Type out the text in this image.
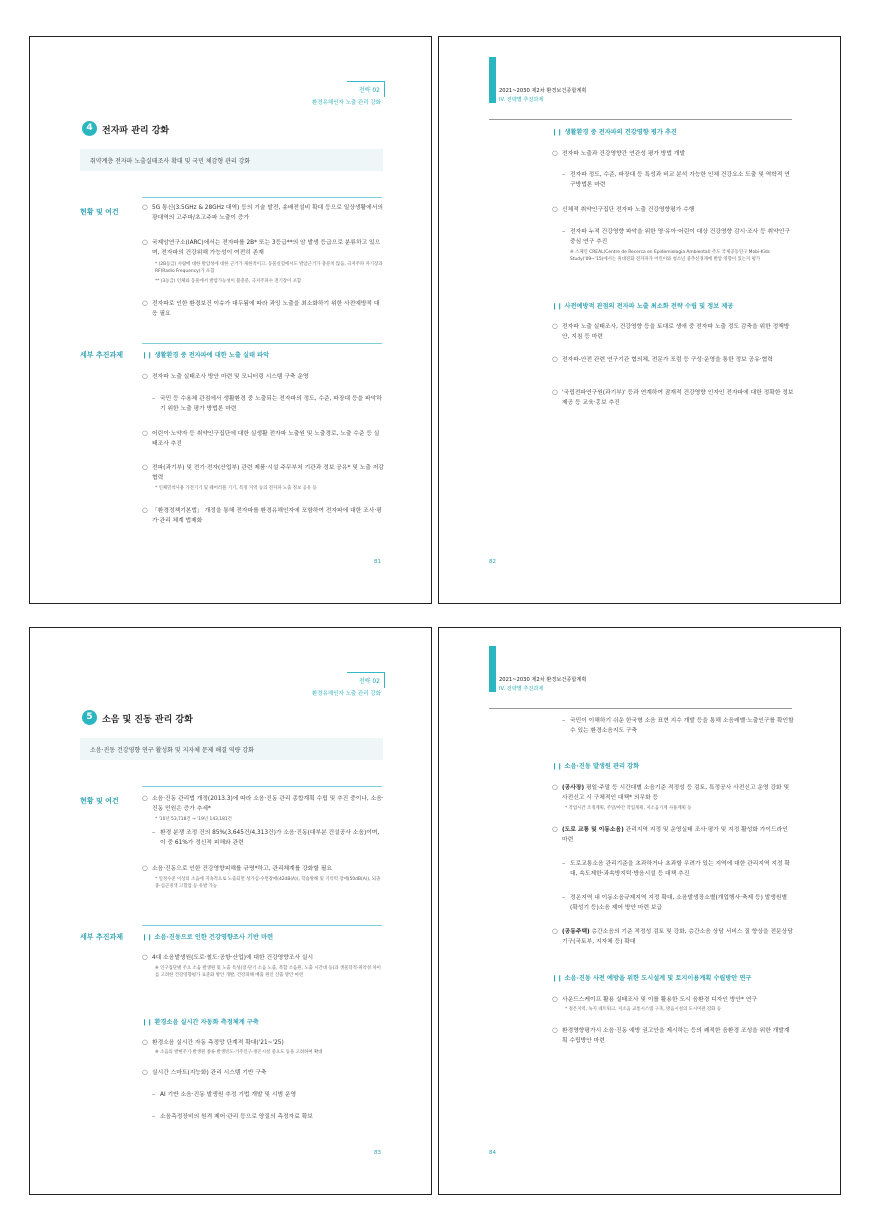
전략 02
환경유해인자 노출 관리 강화
4	전자파 관리 강화
취약계층 전자파 노출실태조사 확대 및 국민 체감형 관리 강화
현황 및 여건
○ 5G 통신(3.5GHz & 28GHz 대역) 등의 기술 발전, 송배전설비 확대 등으로 일상생활에서의 광대역의 고주파/초고주파 노출이 증가
○ 국제암연구소(IARC)에서는 전자파를 2B* 또는 3등급**의 암 발생 등급으로 분류하고 있으며, 전자파의 건강위해 가능성이 여전히 존재
* (2B등급) 사람에 대한 발암성에 대한 근거가 제한적이고, 동물실험에서도 발암근거가 충분치 않음, 극저주파 자기장과 RF(Radio Frequency)가 포함
** (3등급) 인체와 동물에서 발암가능성이 불충분, 극저주파수 전기장이 포함
○ 전자파로 인한 환경보건 이슈가 대두됨에 따라 과잉 노출을 최소화하기 위한 사전예방적 대응 필요
세부 추진과제	❙❙ 생활환경 중 전자파에 대한 노출 실태 파악
○ 전자파 노출 실태조사 방안 마련 및 모니터링 시스템 구축 운영
– 국민 등 수용체 관점에서 생활환경 중 노출되는 전자파의 정도, 수준, 파장대 등을 파악하기 위한 노출 평가 방법론 마련
○ 어린이·노약자 등 취약인구집단에 대한 실생활 전자파 노출원 및 노출경로, 노출 수준 등 실태조사 추진
○ 전파(과기부) 및 전기·전자(산업부) 관련 제품·시설 주무부처 기관과 정보 공유* 및 노출 저감 협력
* 인체밀착사용 가전기기 및 웨어러블 기기, 특정 지역 등의 전자파 노출 정보 공유 등
○ 「환경정책기본법」 개정을 통해 전자파를 환경유해인자에 포함하여 전자파에 대한 조사·평가·관리 체계 법제화
81
2021~2030 제2차 환경보건종합계획
IV. 전략별 추진과제
❙❙ 생활환경 중 전자파의 건강영향 평가 추진
○ 전자파 노출과 건강영향간 연관성 평가 방법 개발
– 전자파 정도, 수준, 파장대 등 특성과 비교 분석 가능한 인체 건강요소 도출 및 역학적 연구방법론 마련
○ 신체적 취약인구집단 전자파 노출 건강영향평가 수행
– 전자파 누적 건강영향 파악을 위한 영·유아·어린이 대상 건강영향 감시·조사 등 취약인구 중심 연구 추진
※ 스페인 CREAL(Centre de Recerca en Epidemiologia Ambiental) 주도 국제공동연구 Mobi-Kids Study('09~'15)에서는 휴대전화 전자파가 어린이와 청소년 중추신경계에 발암 영향이 있는지 평가
❙❙ 사전예방적 관점의 전자파 노출 최소화 전략 수립 및 정보 제공
○ 전자파 노출 실태조사, 건강영향 등을 토대로 생애 중 전자파 노출 정도 감축을 위한 정책방안, 지침 등 마련
○ 전자파-안전 관련 연구기관 협의체, 전문가 포럼 등 구성·운영을 통한 정보 공유·협력
○ '국립전파연구원(과기부)' 등과 연계하여 잠재적 건강영향 인자인 전자파에 대한 정확한 정보 제공 등 교육·홍보 추진
82
전략 02
환경유해인자 노출 관리 강화
5	소음 및 진동 관리 강화
소음·진동 건강영향 연구 활성화 및 지자체 문제 해결 역량 강화
현황 및 여건	○ 소음·진동 관리법 개정(2013.3)에 따라 소음·진동 관리 종합계획 수립 및 추진 중이나, 소음·진동 민원은 증가 추세*
* '10년 53,718건 → '19년 143,181건
– 환경 분쟁 조정 건의 85%(3,645건/4,313건)가 소음·진동(대부분 건설공사 소음)이며, 이 중 61%가 정신적 피해와 관련
○ 소음·진동으로 인한 건강영향피해를 규명*하고, 관리체계를 강화할 필요
* 일정수준 이상의 소음에 지속적으로 노출되면 성가심·수면장애(42dB(A)), 학습방해 및 기억력 장애(50dB(A)), 뇌졸중·심근경색 고혈압 등 유발 가능
세부 추진과제	❙❙ 소음·진동으로 인한 건강영향조사 기반 마련
○ 4대 소음발생원(도로·철도·공항·산업)에 대한 건강영향조사 실시
※ 인구집단별 주요 소음 발생원 및 노출 특성(장·단기 소음 노출, 복합 소음원, 노출 시간대 등)과 생물학적·취약성 차이를 고려한 건강영향평가 표준화 방안 개발, 건강피해 배출 원인 산출 방안 마련
❙❙ 환경소음 실시간 자동화 측정체계 구축
○ 환경소음 실시간 자동 측정망 단계적 확대('21~'25)
※ 소음의 발현주기·발생원 종류·발생빈도·거주인구·정온시설 중요도 등을 고려하여 확대
○ 실시간 스마트(지능화) 관리 시스템 기반 구축
– AI 기반 소음·진동 발생원 추정 기법 개발 및 시범 운영
– 소음측정장비의 원격 제어·관리 등으로 양질의 측정자료 확보
83
2021~2030 제2차 환경보건종합계획
IV. 전략별 추진과제
– 국민이 이해하기 쉬운 한국형 소음 표현 지수 개발 등을 통해 소음레벨·노출인구를 확인할 수 있는 환경소음지도 구축
❙❙ 소음·진동 발생원 관리 강화
○ (공사장) 평일·주말 등 시간대별 소음기준 적정성 등 검토, 특정공사 사전신고 운영 강화 및 사전신고 시 구체적인 대책* 의무화 등
* 작업시간 조정계획, 주말/야간 작업계획, 저소음기계 사용계획 등
○ (도로 교통 및 이동소음) 관리지역 지정 및 운영실태 조사·평가 및 지정 활성화 가이드라인 마련
– 도로교통소음 관리기준을 초과하거나 초과할 우려가 있는 지역에 대한 관리지역 지정 확대, 속도제한·과속방지턱·방음시설 등 대책 추진
– 정온지역 내 이동소음규제지역 지정 확대, 소음발생장소별(개업행사·축제 등) 발생원별(확성기 등)소음 제어 방안 마련 보급
○ (공동주택) 층간소음의 기준 적정성 검토 및 강화, 층간소음 상담 서비스 질 향상을 전문상담기구(국토부, 지자체 등) 확대
❙❙ 소음·진동 사전 예방을 위한 도시설계 및 토지이용계획 수립방안 연구
○ 사운드스케이프 활용 실태조사 및 이를 활용한 도시 음환경 디자인 방안* 연구
* 정온지역, 녹지 네트워크, 저소음 교통시스템 구축, 방음시설의 도시미관 강화 등
○ 환경영향평가시 소음·진동 예방 권고안을 제시하는 등의 쾌적한 음환경 조성을 위한 개발계획 수립방안 마련
84
